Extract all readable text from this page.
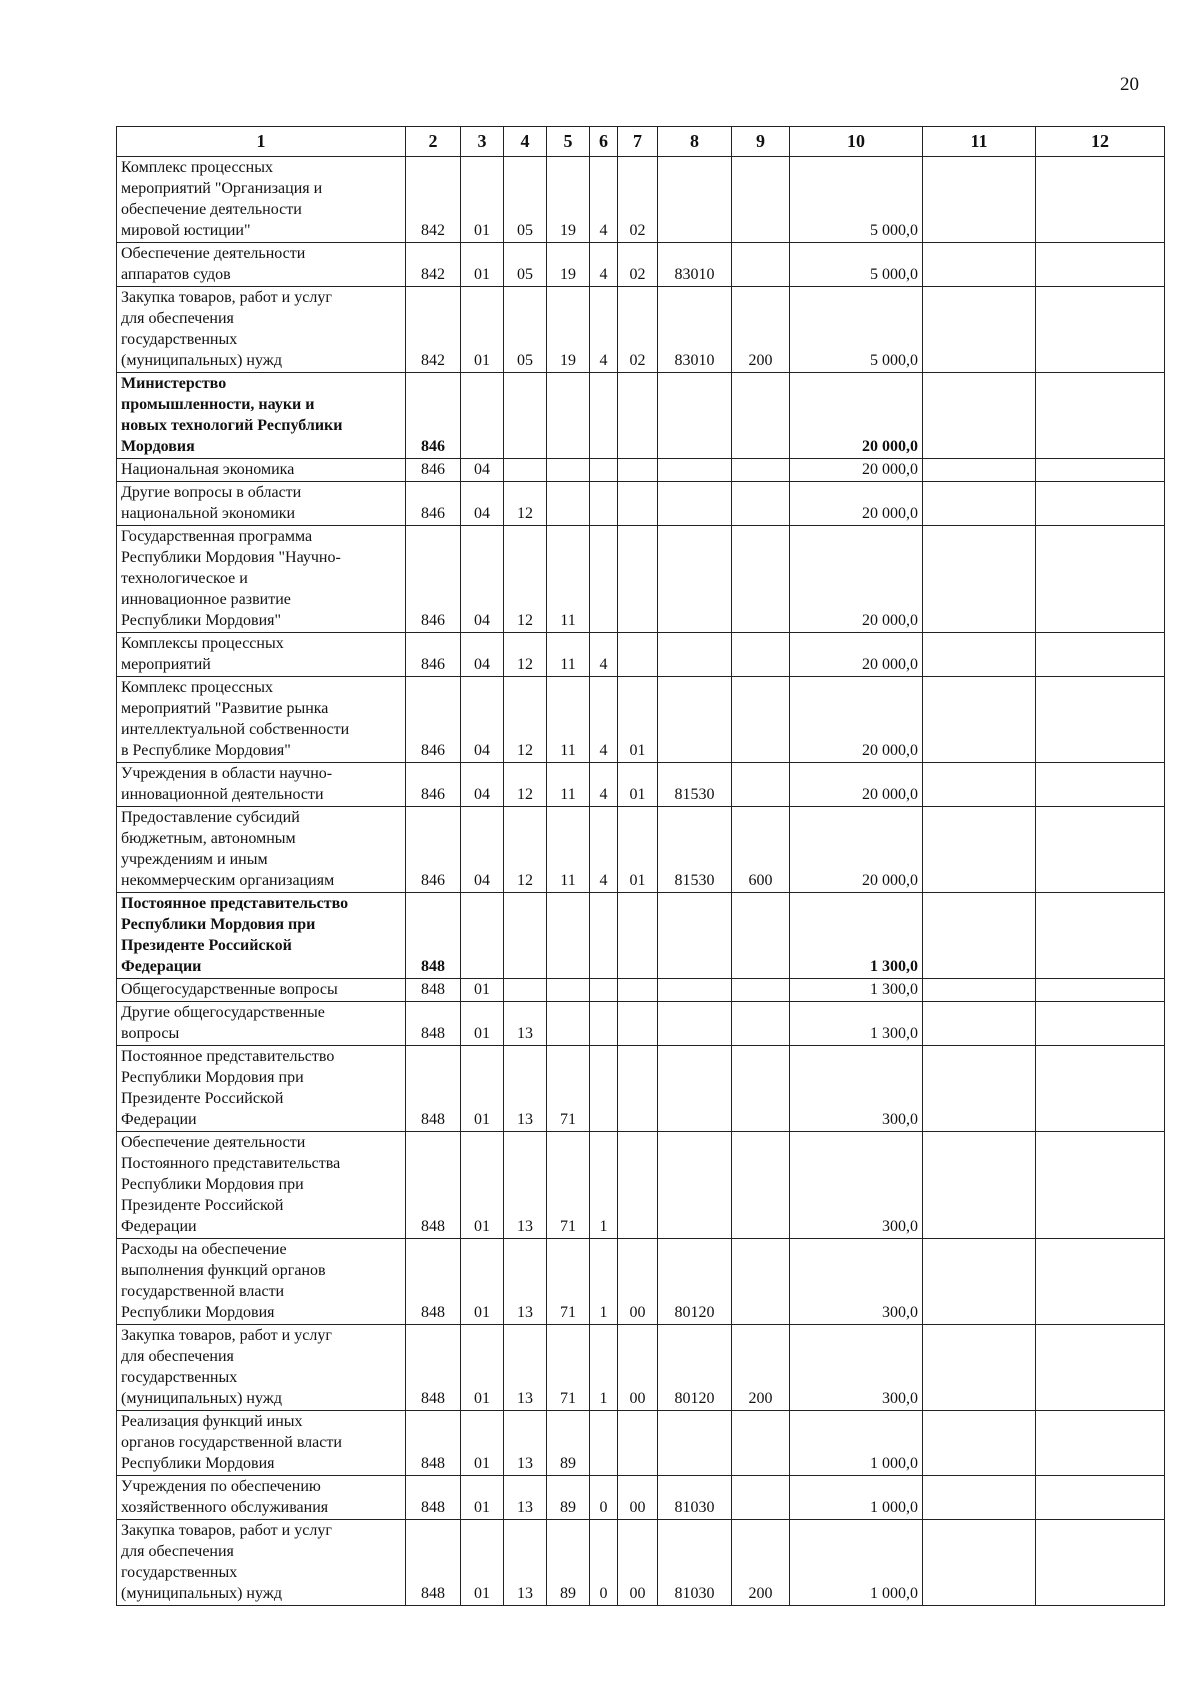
20
1	2	3	4	5	6	7	8	9	10	11	12

Комплекс процессных
мероприятий "Организация и
обеспечение деятельности
мировой юстиции"	842	01	05	19	4	02			5 000,0		

Обеспечение деятельности
аппаратов судов	842	01	05	19	4	02	83010		5 000,0		

Закупка товаров, работ и услуг
для обеспечения
государственных
(муниципальных) нужд	842	01	05	19	4	02	83010	200	5 000,0		

Министерство
промышленности, науки и
новых технологий Республики
Мордовия	846								20 000,0		

Национальная экономика	846	04							20 000,0		

Другие вопросы в области
национальной экономики	846	04	12						20 000,0		

Государственная программа
Республики Мордовия "Научно-
технологическое и
инновационное развитие
Республики Мордовия"	846	04	12	11					20 000,0		

Комплексы процессных
мероприятий	846	04	12	11	4				20 000,0		

Комплекс процессных
мероприятий "Развитие рынка
интеллектуальной собственности
в Республике Мордовия"	846	04	12	11	4	01			20 000,0		

Учреждения в области научно-
инновационной деятельности	846	04	12	11	4	01	81530		20 000,0		

Предоставление субсидий
бюджетным, автономным
учреждениям и иным
некоммерческим организациям	846	04	12	11	4	01	81530	600	20 000,0		

Постоянное представительство
Республики Мордовия при
Президенте Российской
Федерации	848								1 300,0		

Общегосударственные вопросы	848	01							1 300,0		

Другие общегосударственные
вопросы	848	01	13						1 300,0		

Постоянное представительство
Республики Мордовия при
Президенте Российской
Федерации	848	01	13	71					300,0		

Обеспечение деятельности
Постоянного представительства
Республики Мордовия при
Президенте Российской
Федерации	848	01	13	71	1				300,0		

Расходы на обеспечение
выполнения функций органов
государственной власти
Республики Мордовия	848	01	13	71	1	00	80120		300,0		

Закупка товаров, работ и услуг
для обеспечения
государственных
(муниципальных) нужд	848	01	13	71	1	00	80120	200	300,0		

Реализация функций иных
органов государственной власти
Республики Мордовия	848	01	13	89					1 000,0		

Учреждения по обеспечению
хозяйственного обслуживания	848	01	13	89	0	00	81030		1 000,0		

Закупка товаров, работ и услуг
для обеспечения
государственных
(муниципальных) нужд	848	01	13	89	0	00	81030	200	1 000,0		
